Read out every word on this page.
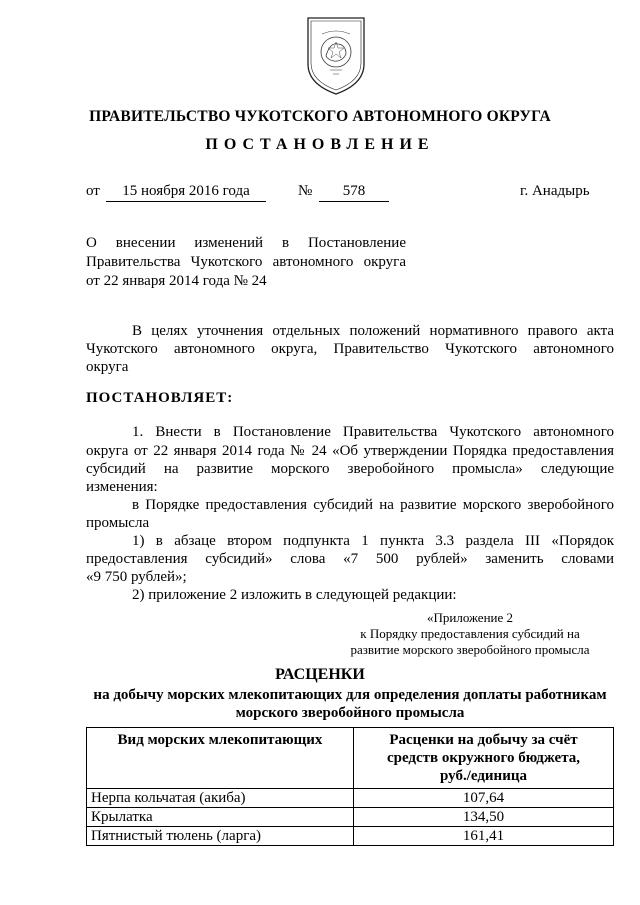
ПРАВИТЕЛЬСТВО ЧУКОТСКОГО АВТОНОМНОГО ОКРУГА
ПОСТАНОВЛЕНИЕ
от	15 ноября 2016 года	№	578	г. Анадырь
О внесении изменений в Постановление
Правительства Чукотского автономного округа
от 22 января 2014 года № 24
В целях уточнения отдельных положений нормативного правого акта
Чукотского автономного округа, Правительство Чукотского автономного
округа
ПОСТАНОВЛЯЕТ:
1. Внести в Постановление Правительства Чукотского автономного
округа от 22 января 2014 года № 24 «Об утверждении Порядка предоставления
субсидий на развитие морского зверобойного промысла» следующие
изменения:
в Порядке предоставления субсидий на развитие морского зверобойного
промысла
1) в абзаце втором подпункта 1 пункта 3.3 раздела III «Порядок
предоставления субсидий» слова «7 500 рублей» заменить словами
«9 750 рублей»;
2) приложение 2 изложить в следующей редакции:
«Приложение 2
к Порядку предоставления субсидий на
развитие морского зверобойного промысла
РАСЦЕНКИ
на добычу морских млекопитающих для определения доплаты работникам
морского зверобойного промысла
Вид морских млекопитающих	Расценки на добычу за счёт
средств окружного бюджета,
руб./единица

Нерпа кольчатая (акиба)	107,64
Крылатка	134,50
Пятнистый тюлень (ларга)	161,41
